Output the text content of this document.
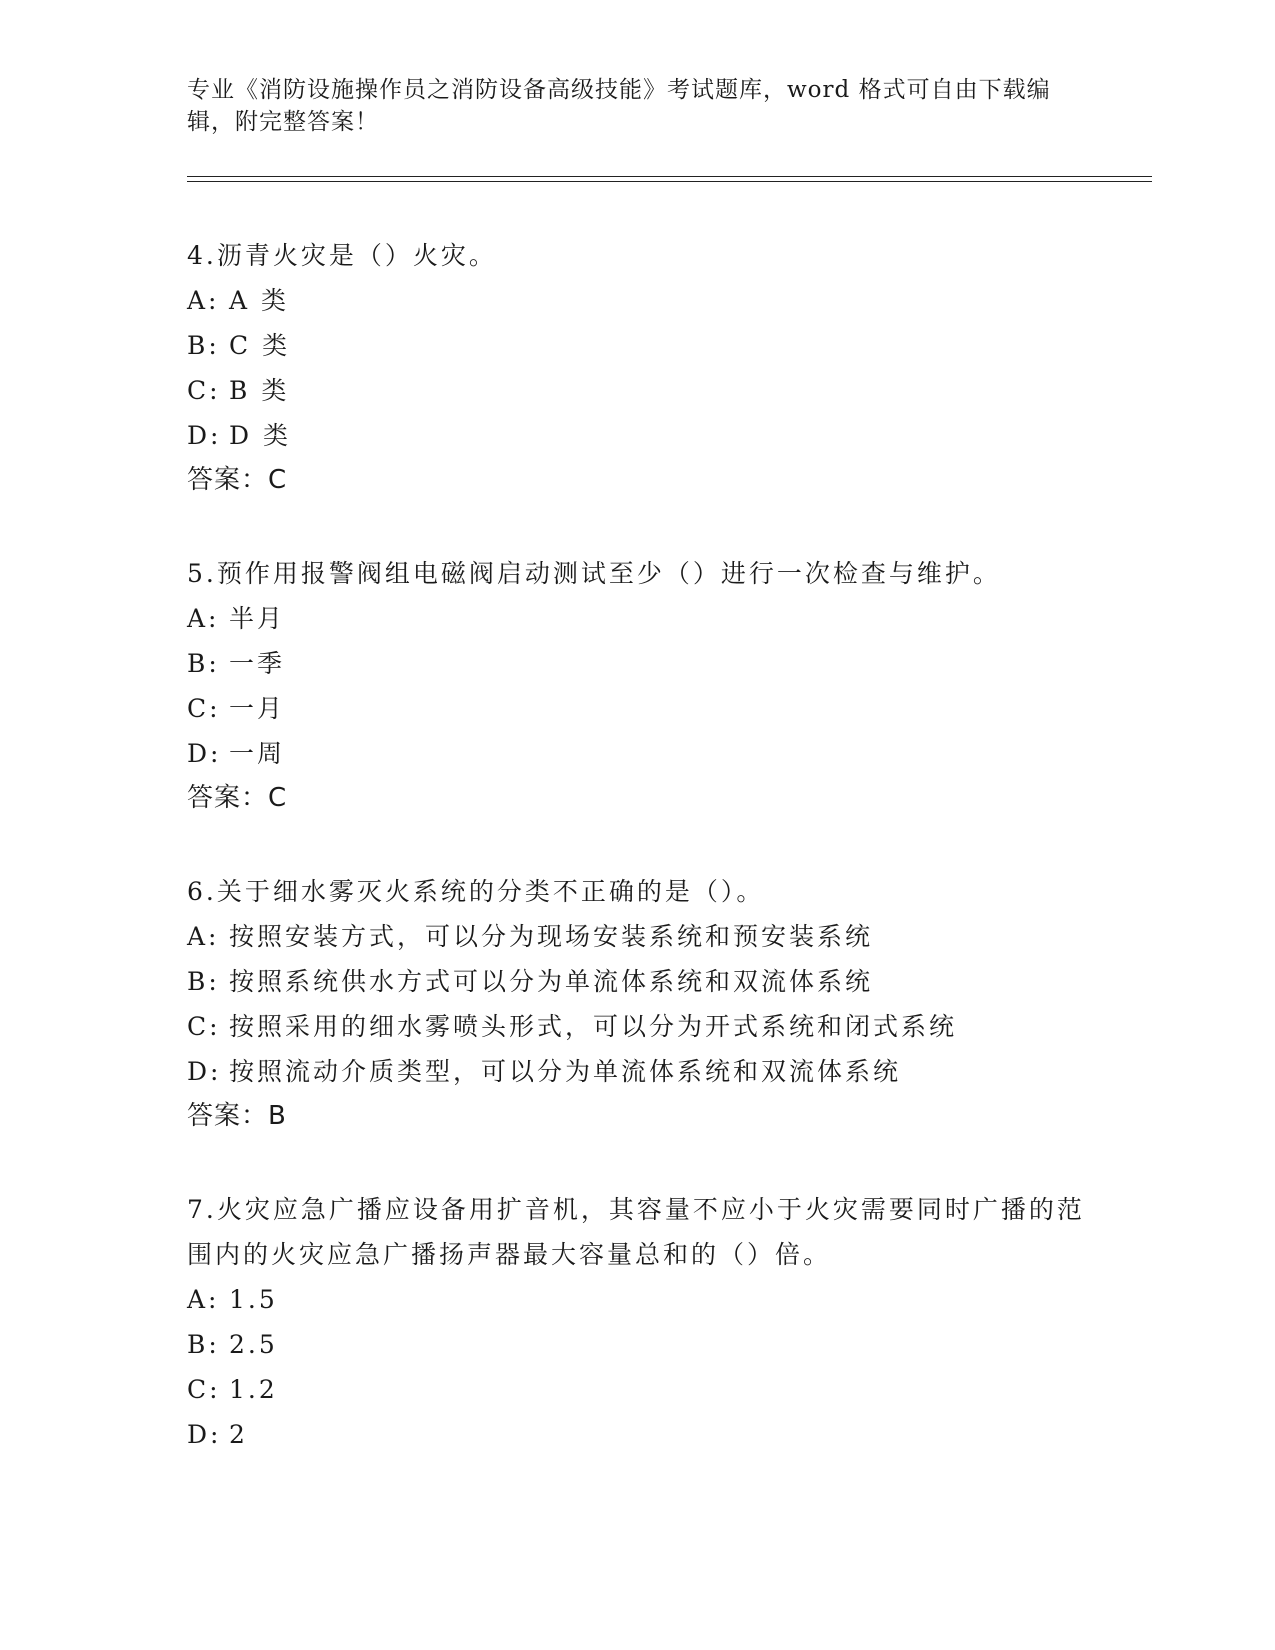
专业《消防设施操作员之消防设备高级技能》考试题库，word 格式可自由下载编辑，附完整答案！

4.沥青火灾是（）火灾。

A: A 类

B: C 类

C: B 类

D: D 类

答案：C

5.预作用报警阀组电磁阀启动测试至少（）进行一次检查与维护。

A: 半月

B: 一季

C: 一月

D: 一周

答案：C

6.关于细水雾灭火系统的分类不正确的是（）。

A: 按照安装方式，可以分为现场安装系统和预安装系统

B: 按照系统供水方式可以分为单流体系统和双流体系统

C: 按照采用的细水雾喷头形式，可以分为开式系统和闭式系统

D: 按照流动介质类型，可以分为单流体系统和双流体系统

答案：B

7.火灾应急广播应设备用扩音机，其容量不应小于火灾需要同时广播的范围内的火灾应急广播扬声器最大容量总和的（）倍。

A: 1.5

B: 2.5

C: 1.2

D: 2
